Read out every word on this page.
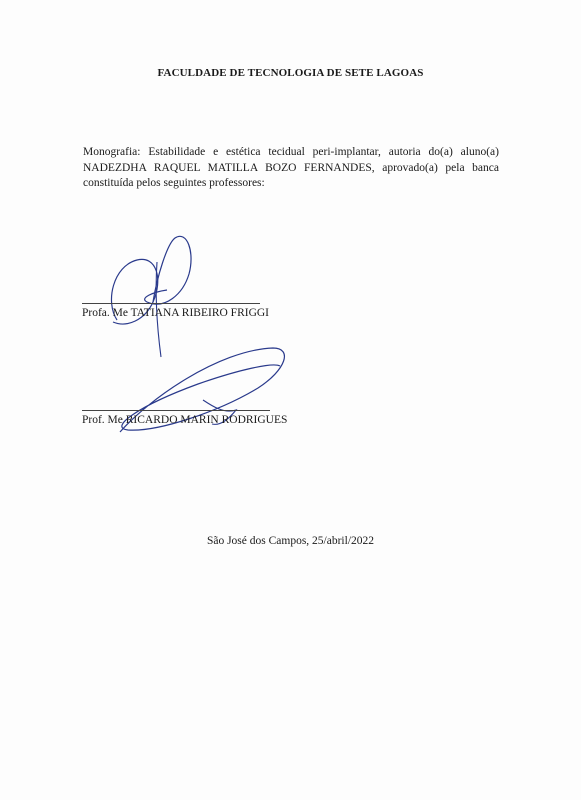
FACULDADE DE TECNOLOGIA DE SETE LAGOAS
Monografia: Estabilidade e estética tecidual peri-implantar, autoria do(a) aluno(a) NADEZDHA RAQUEL MATILLA BOZO FERNANDES, aprovado(a) pela banca constituída pelos seguintes professores:
Profa. Me TATIANA RIBEIRO FRIGGI
Prof. Me RICARDO MARIN RODRIGUES
São José dos Campos, 25/abril/2022
